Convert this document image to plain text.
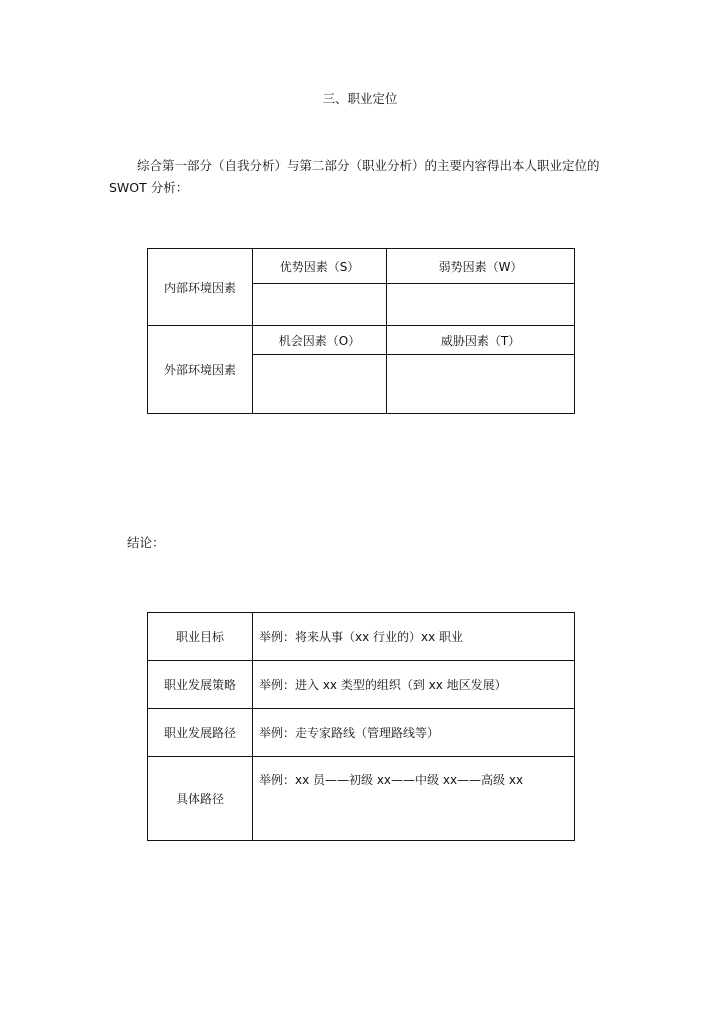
三、职业定位
综合第一部分（自我分析）与第二部分（职业分析）的主要内容得出本人职业定位的
SWOT 分析：
内部环境因素	优势因素（S）	弱势因素（W）

外部环境因素	机会因素（O）	威胁因素（T）

结论：
职业目标	举例：将来从事（xx 行业的）xx 职业
职业发展策略	举例：进入 xx 类型的组织（到 xx 地区发展）
职业发展路径	举例：走专家路线（管理路线等）
具体路径	举例：xx 员——初级 xx——中级 xx——高级 xx
